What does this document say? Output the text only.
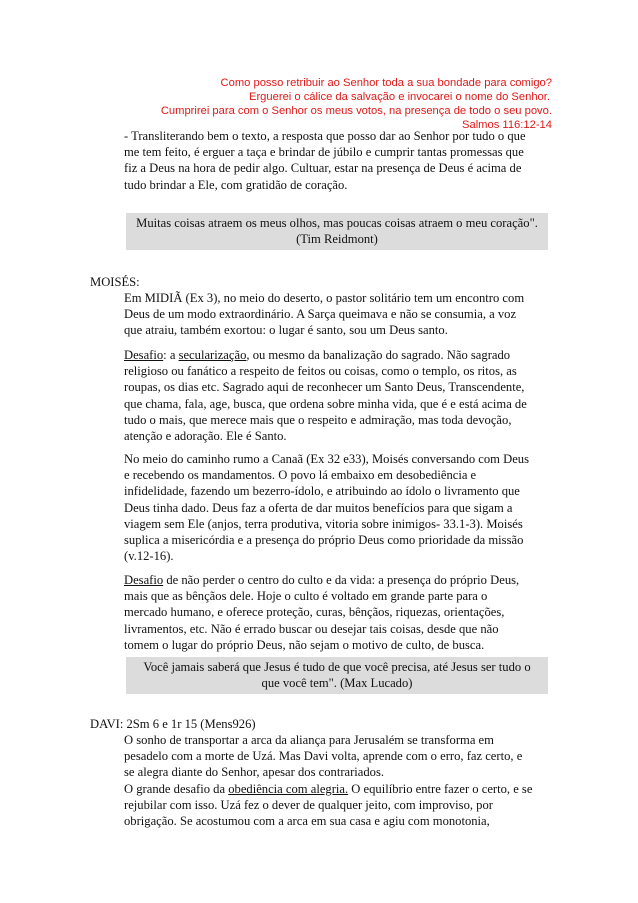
Como posso retribuir ao Senhor toda a sua bondade para comigo?
Erguerei o cálice da salvação e invocarei o nome do Senhor.
Cumprirei para com o Senhor os meus votos, na presença de todo o seu povo.
Salmos 116:12-14

- Transliterando bem o texto, a resposta que posso dar ao Senhor por tudo o que

me tem feito, é erguer a taça e brindar de júbilo e cumprir tantas promessas que

fiz a Deus na hora de pedir algo. Cultuar, estar na presença de Deus é acima de

tudo brindar a Ele, com gratidão de coração.

Muitas coisas atraem os meus olhos, mas poucas coisas atraem o meu coração".
(Tim Reidmont)
MOISÉS:

Em MIDIÃ (Ex 3), no meio do deserto, o pastor solitário tem um encontro com

Deus de um modo extraordinário. A Sarça queimava e não se consumia, a voz

que atraiu, também exortou: o lugar é santo, sou um Deus santo.

Desafio: a secularização, ou mesmo da banalização do sagrado. Não sagrado

religioso ou fanático a respeito de feitos ou coisas, como o templo, os ritos, as

roupas, os dias etc. Sagrado aqui de reconhecer um Santo Deus, Transcendente,

que chama, fala, age, busca, que ordena sobre minha vida, que é e está acima de

tudo o mais, que merece mais que o respeito e admiração, mas toda devoção,

atenção e adoração. Ele é Santo.

No meio do caminho rumo a Canaã (Ex 32 e33), Moisés conversando com Deus

e recebendo os mandamentos. O povo lá embaixo em desobediência e

infidelidade, fazendo um bezerro-ídolo, e atribuindo ao ídolo o livramento que

Deus tinha dado. Deus faz a oferta de dar muitos benefícios para que sigam a

viagem sem Ele (anjos, terra produtiva, vitoria sobre inimigos- 33.1-3). Moisés

suplica a misericórdia e a presença do próprio Deus como prioridade da missão

(v.12-16).

Desafio de não perder o centro do culto e da vida: a presença do próprio Deus,

mais que as bênçãos dele. Hoje o culto é voltado em grande parte para o

mercado humano, e oferece proteção, curas, bênçãos, riquezas, orientações,

livramentos, etc. Não é errado buscar ou desejar tais coisas, desde que não

tomem o lugar do próprio Deus, não sejam o motivo de culto, de busca.

Você jamais saberá que Jesus é tudo de que você precisa, até Jesus ser tudo o
que você tem". (Max Lucado)
DAVI: 2Sm 6 e 1r 15 (Mens926)

O sonho de transportar a arca da aliança para Jerusalém se transforma em

pesadelo com a morte de Uzá. Mas Davi volta, aprende com o erro, faz certo, e

se alegra diante do Senhor, apesar dos contrariados.

O grande desafio da obediência com alegria. O equilíbrio entre fazer o certo, e se

rejubilar com isso. Uzá fez o dever de qualquer jeito, com improviso, por

obrigação. Se acostumou com a arca em sua casa e agiu com monotonia,
